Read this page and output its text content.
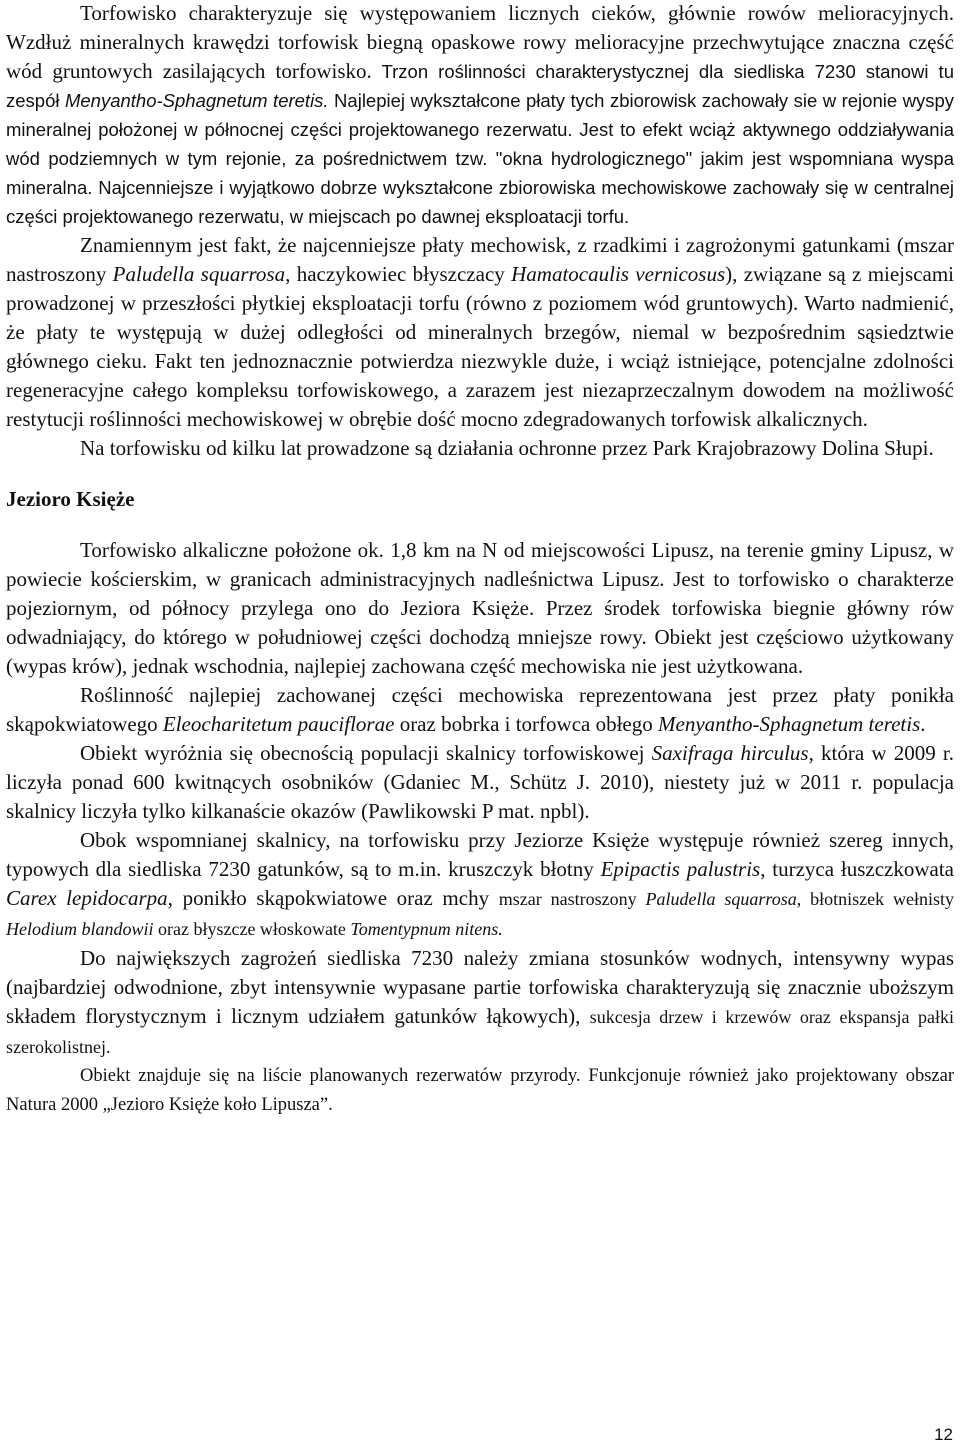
Torfowisko charakteryzuje się występowaniem licznych cieków, głównie rowów melioracyjnych. Wzdłuż mineralnych krawędzi torfowisk biegną opaskowe rowy melioracyjne przechwytujące znaczna część wód gruntowych zasilających torfowisko. Trzon roślinności charakterystycznej dla siedliska 7230 stanowi tu zespół Menyantho-Sphagnetum teretis. Najlepiej wykształcone płaty tych zbiorowisk zachowały sie w rejonie wyspy mineralnej położonej w północnej części projektowanego rezerwatu. Jest to efekt wciąż aktywnego oddziaływania wód podziemnych w tym rejonie, za pośrednictwem tzw. "okna hydrologicznego" jakim jest wspomniana wyspa mineralna. Najcenniejsze i wyjątkowo dobrze wykształcone zbiorowiska mechowiskowe zachowały się w centralnej części projektowanego rezerwatu, w miejscach po dawnej eksploatacji torfu.

Znamiennym jest fakt, że najcenniejsze płaty mechowisk, z rzadkimi i zagrożonymi gatunkami (mszar nastroszony Paludella squarrosa, haczykowiec błyszczacy Hamatocaulis vernicosus), związane są z miejscami prowadzonej w przeszłości płytkiej eksploatacji torfu (równo z poziomem wód gruntowych). Warto nadmienić, że płaty te występują w dużej odległości od mineralnych brzegów, niemal w bezpośrednim sąsiedztwie głównego cieku. Fakt ten jednoznacznie potwierdza niezwykle duże, i wciąż istniejące, potencjalne zdolności regeneracyjne całego kompleksu torfowiskowego, a zarazem jest niezaprzeczalnym dowodem na możliwość restytucji roślinności mechowiskowej w obrębie dość mocno zdegradowanych torfowisk alkalicznych.

Na torfowisku od kilku lat prowadzone są działania ochronne przez Park Krajobrazowy Dolina Słupi.

Jezioro Księże

Torfowisko alkaliczne położone ok. 1,8 km na N od miejscowości Lipusz, na terenie gminy Lipusz, w powiecie kościerskim, w granicach administracyjnych nadleśnictwa Lipusz. Jest to torfowisko o charakterze pojeziornym, od północy przylega ono do Jeziora Księże. Przez środek torfowiska biegnie główny rów odwadniający, do którego w południowej części dochodzą mniejsze rowy. Obiekt jest częściowo użytkowany (wypas krów), jednak wschodnia, najlepiej zachowana część mechowiska nie jest użytkowana.

Roślinność najlepiej zachowanej części mechowiska reprezentowana jest przez płaty ponikła skąpokwiatowego Eleocharitetum pauciflorae oraz bobrka i torfowca obłego Menyantho-Sphagnetum teretis.

Obiekt wyróżnia się obecnością populacji skalnicy torfowiskowej Saxifraga hirculus, która w 2009 r. liczyła ponad 600 kwitnących osobników (Gdaniec M., Schütz J. 2010), niestety już w 2011 r. populacja skalnicy liczyła tylko kilkanaście okazów (Pawlikowski P mat. npbl).

Obok wspomnianej skalnicy, na torfowisku przy Jeziorze Księże występuje również szereg innych, typowych dla siedliska 7230 gatunków, są to m.in. kruszczyk błotny Epipactis palustris, turzyca łuszczkowata Carex lepidocarpa, ponikło skąpokwiatowe oraz mchy mszar nastroszony Paludella squarrosa, błotniszek wełnisty Helodium blandowii oraz błyszcze włoskowate Tomentypnum nitens.

Do największych zagrożeń siedliska 7230 należy zmiana stosunków wodnych, intensywny wypas (najbardziej odwodnione, zbyt intensywnie wypasane partie torfowiska charakteryzują się znacznie uboższym składem florystycznym i licznym udziałem gatunków łąkowych), sukcesja drzew i krzewów oraz ekspansja pałki szerokolistnej.

Obiekt znajduje się na liście planowanych rezerwatów przyrody. Funkcjonuje również jako projektowany obszar Natura 2000 „Jezioro Księże koło Lipusza”.

12
